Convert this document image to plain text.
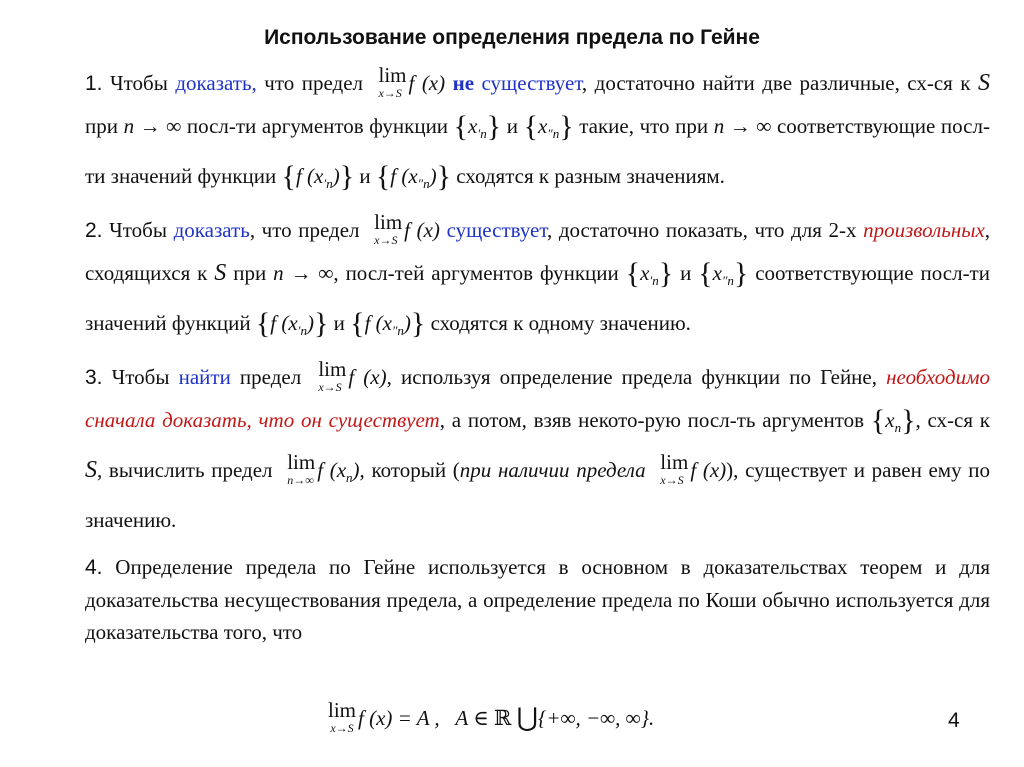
Использование определения предела по Гейне
1. Чтобы доказать, что предел lim
x→S f (x) не существует, достаточно найти две различные, сх-ся к S при n → ∞ посл-ти аргументов функции $\{x_{'n}\}$ и $\{x_{''n}\}$ такие, что при n → ∞ соответствующие посл-ти значений функции {f $(x_{'n})$} и {f $(x_{''n})$} сходятся к разным значениям.
2. Чтобы доказать, что предел lim
x→S f (x) существует, достаточно показать, что для 2-х произвольных, сходящихся к S при n → ∞, посл-тей аргументов функции $\{x_{'n}\}$ и $\{x_{''n}\}$ соответствующие посл-ти значений функций {f $(x_{'n})$} и {f $(x_{''n})$} сходятся к одному значению.
3. Чтобы найти предел lim
x→S f (x), используя определение предела функции по Гейне, необходимо сначала доказать, что он существует, а потом, взяв некото-рую посл-ть аргументов $\{x_n\}$, сх-ся к S, вычислить предел lim
n→∞ f $(x_n)$, который (при наличии предела lim
x→S f (x)), существует и равен ему по значению.
4. Определение предела по Гейне используется в основном в доказательствах теорем и для доказательства несуществования предела, а определение предела по Коши обычно используется для доказательства того, что
lim
x→S f (x) = A , A ∈ ℝ ⋃{+∞, −∞, ∞}.	4
